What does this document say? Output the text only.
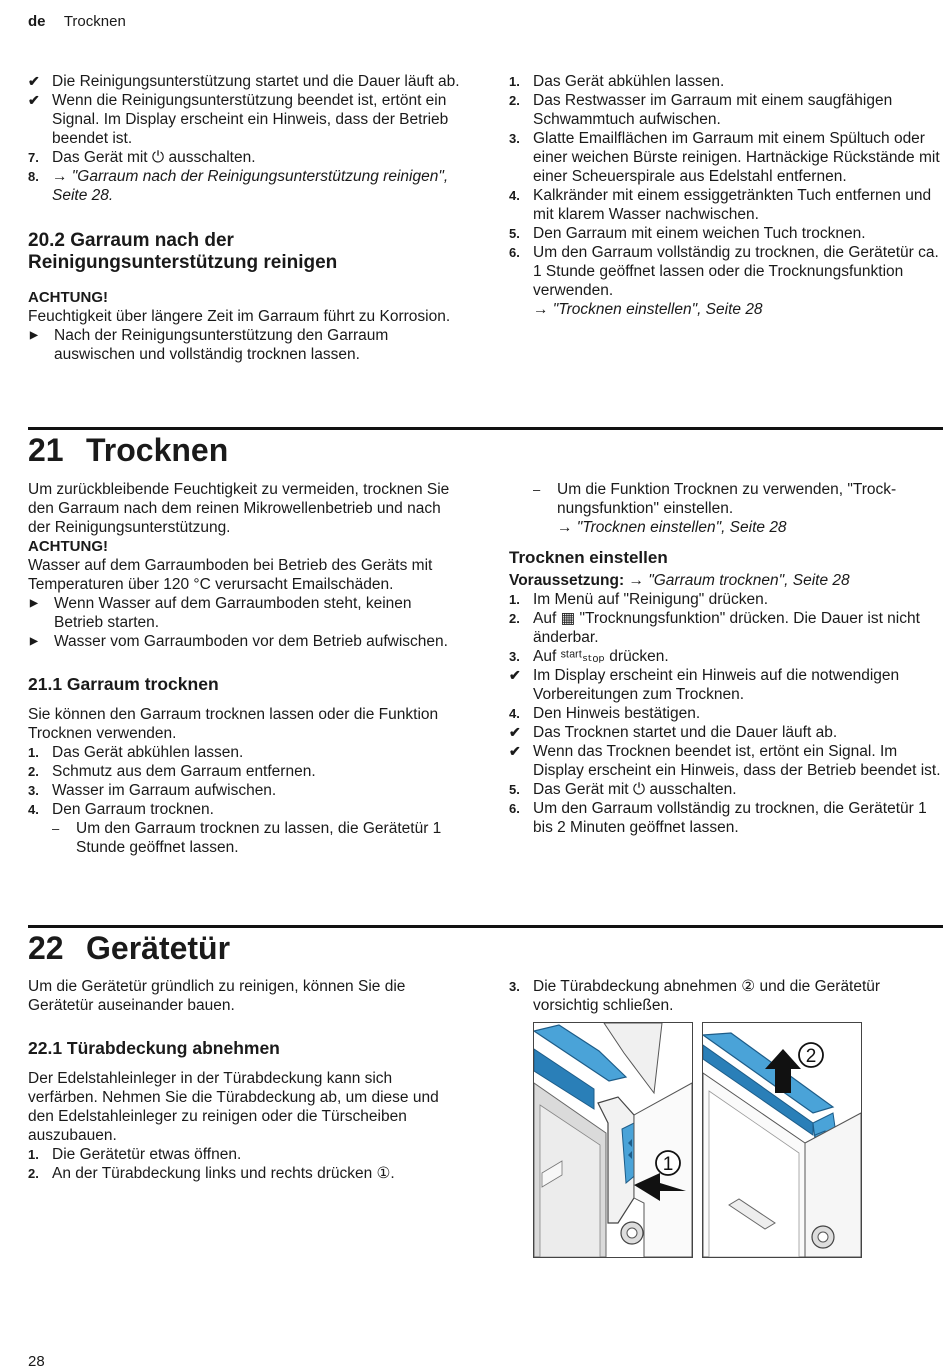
de Trocknen
✔ Die Reinigungsunterstützung startet und die Dauer läuft ab.
✔ Wenn die Reinigungsunterstützung beendet ist, ertönt ein Signal. Im Display erscheint ein Hinweis, dass der Betrieb beendet ist.
7. Das Gerät mit ⏻ ausschalten.
8. → "Garraum nach der Reinigungsunterstützung reinigen", Seite 28.

20.2 Garraum nach der Reinigungsunterstützung reinigen

ACHTUNG!

Feuchtigkeit über längere Zeit im Garraum führt zu Korrosion.

▶	Nach der Reinigungsunterstützung den Garraum auswischen und vollständig trocknen lassen.
1. Das Gerät abkühlen lassen.
2. Das Restwasser im Garraum mit einem saugfähigen Schwammtuch aufwischen.
3. Glatte Emailflächen im Garraum mit einem Spültuch oder einer weichen Bürste reinigen. Hartnäckige Rückstände mit einer Scheuerspirale aus Edelstahl entfernen.
4. Kalkränder mit einem essiggetränkten Tuch entfernen und mit klarem Wasser nachwischen.
5. Den Garraum mit einem weichen Tuch trocknen.
6. Um den Garraum vollständig zu trocknen, die Gerätetür ca. 1 Stunde geöffnet lassen oder die Trocknungsfunktion verwenden.
→ "Trocknen einstellen", Seite 28
21 Trocknen

Um zurückbleibende Feuchtigkeit zu vermeiden, trocknen Sie den Garraum nach dem reinen Mikrowellenbetrieb und nach der Reinigungsunterstützung.

ACHTUNG!

Wasser auf dem Garraumboden bei Betrieb des Geräts mit Temperaturen über 120 °C verursacht Emailschäden.

▶	Wenn Wasser auf dem Garraumboden steht, keinen Betrieb starten.
▶	Wasser vom Garraumboden vor dem Betrieb aufwischen.

21.1 Garraum trocknen

Sie können den Garraum trocknen lassen oder die Funktion Trocknen verwenden.

1. Das Gerät abkühlen lassen.
2. Schmutz aus dem Garraum entfernen.
3. Wasser im Garraum aufwischen.
4. Den Garraum trocknen.
–	Um den Garraum trocknen zu lassen, die Gerätetür 1 Stunde geöffnet lassen.
–	Um die Funktion Trocknen zu verwenden, "Trocknungsfunktion" einstellen.
→ "Trocknen einstellen", Seite 28

Trocknen einstellen

Voraussetzung: → "Garraum trocknen", Seite 28

1. Im Menü auf "Reinigung" drücken.
2. Auf ▦ "Trocknungsfunktion" drücken. Die Dauer ist nicht änderbar.
3. Auf ˢᵗᵃʳᵗₛₜₒₚ drücken.
✔ Im Display erscheint ein Hinweis auf die notwendigen Vorbereitungen zum Trocknen.
4. Den Hinweis bestätigen.
✔ Das Trocknen startet und die Dauer läuft ab.
✔ Wenn das Trocknen beendet ist, ertönt ein Signal. Im Display erscheint ein Hinweis, dass der Betrieb beendet ist.
5. Das Gerät mit ⏻ ausschalten.
6. Um den Garraum vollständig zu trocknen, die Gerätetür 1 bis 2 Minuten geöffnet lassen.
22 Gerätetür

Um die Gerätetür gründlich zu reinigen, können Sie die Gerätetür auseinander bauen.

22.1 Türabdeckung abnehmen

Der Edelstahleinleger in der Türabdeckung kann sich verfärben. Nehmen Sie die Türabdeckung ab, um diese und den Edelstahleinleger zu reinigen oder die Türscheiben auszubauen.

1. Die Gerätetür etwas öffnen.
2. An der Türabdeckung links und rechts drücken ①.
3. Die Türabdeckung abnehmen ② und die Gerätetür vorsichtig schließen.
1
2
28
